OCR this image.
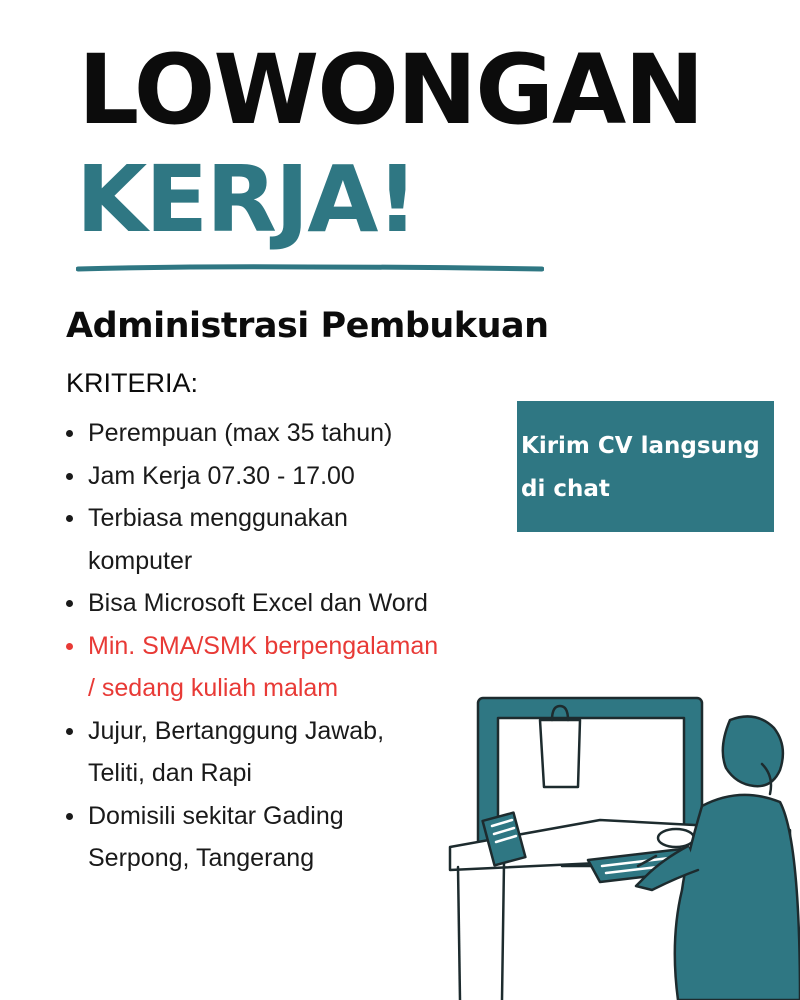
LOWONGAN
KERJA!
Administrasi Pembukuan
KRITERIA:
Perempuan (max 35 tahun)
Jam Kerja 07.30 - 17.00
Terbiasa menggunakan komputer
Bisa Microsoft Excel dan Word
Min. SMA/SMK berpengalaman / sedang kuliah malam
Jujur, Bertanggung Jawab, Teliti, dan Rapi
Domisili sekitar Gading Serpong, Tangerang
Kirim CV langsung di chat
